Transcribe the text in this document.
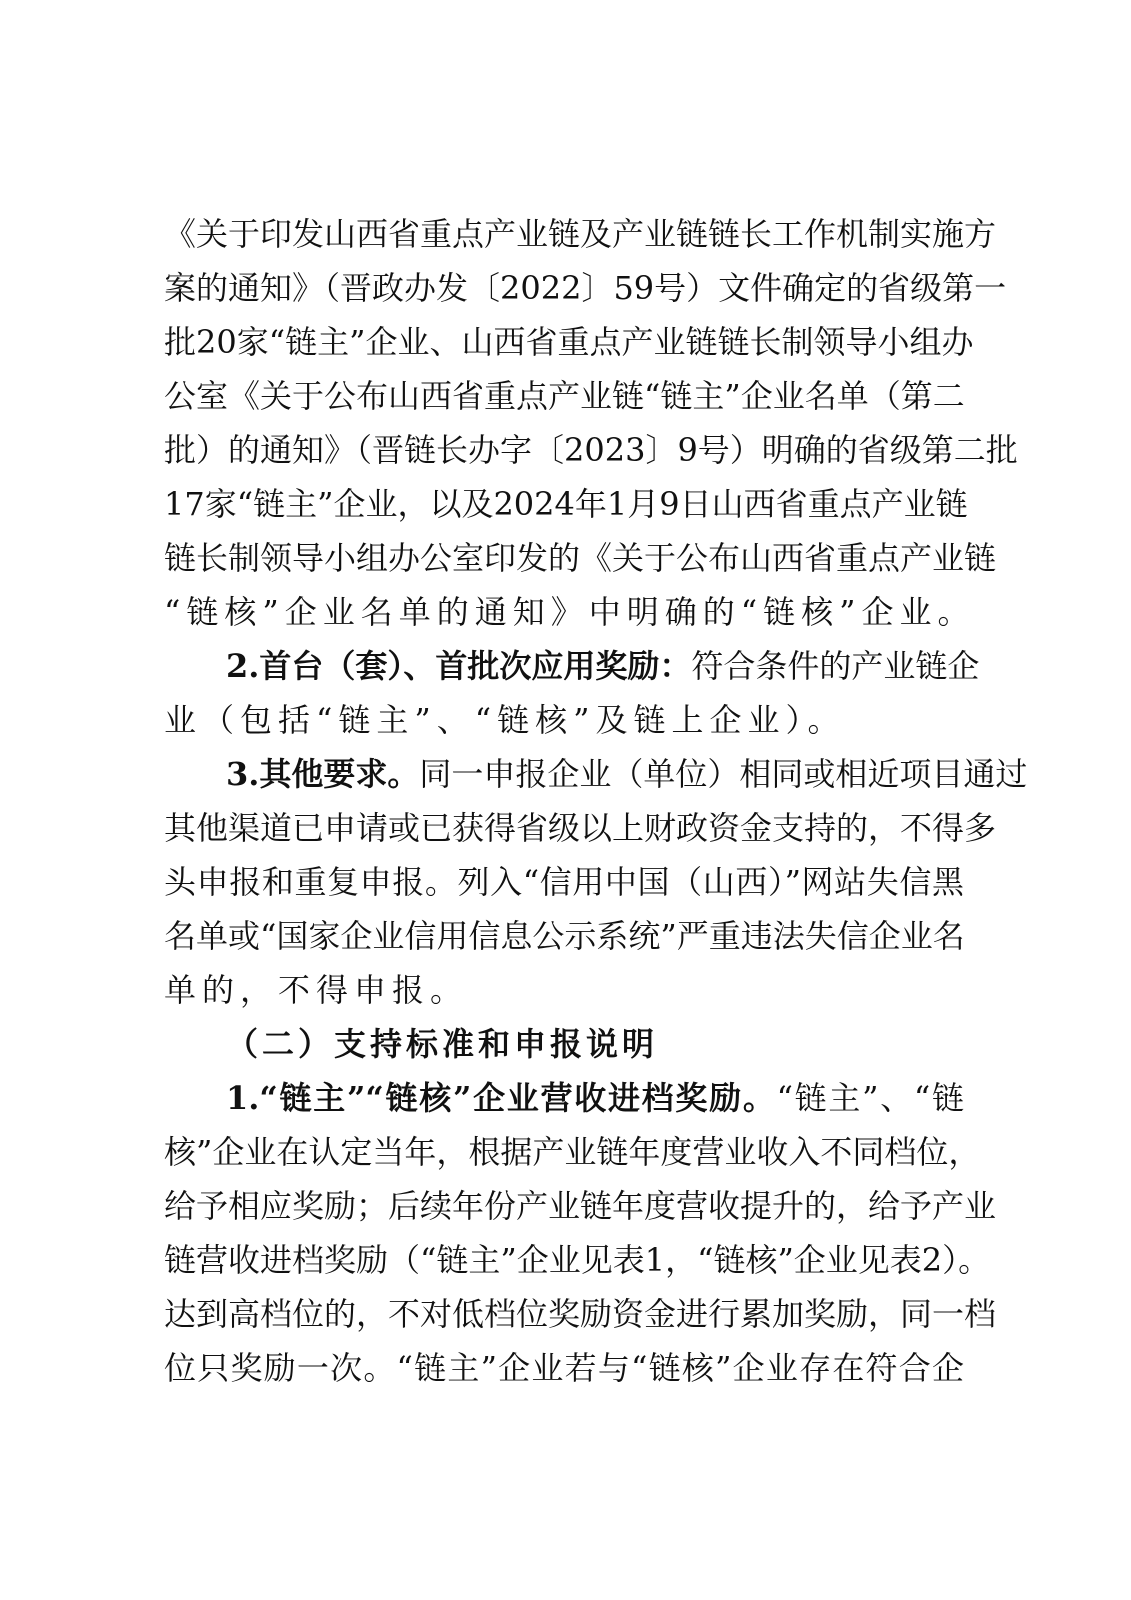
《关于印发山西省重点产业链及产业链链长工作机制实施方
案的通知》（晋政办发〔2022〕59号）文件确定的省级第一
批20家“链主”企业、山西省重点产业链链长制领导小组办
公室《关于公布山西省重点产业链“链主”企业名单（第二
批）的通知》（晋链长办字〔2023〕9号）明确的省级第二批
17家“链主”企业，以及2024年1月9日山西省重点产业链
链长制领导小组办公室印发的《关于公布山西省重点产业链
“链核”企业名单的通知》中明确的“链核”企业。
2.首台（套）、首批次应用奖励：符合条件的产业链企
业（包括“链主”、“链核”及链上企业）。
3.其他要求。同一申报企业（单位）相同或相近项目通过
其他渠道已申请或已获得省级以上财政资金支持的，不得多
头申报和重复申报。列入“信用中国（山西）”网站失信黑
名单或“国家企业信用信息公示系统”严重违法失信企业名
单的，不得申报。
（二）支持标准和申报说明
1.“链主”“链核”企业营收进档奖励。“链主”、“链
核”企业在认定当年，根据产业链年度营业收入不同档位，
给予相应奖励；后续年份产业链年度营收提升的，给予产业
链营收进档奖励（“链主”企业见表1，“链核”企业见表2）。
达到高档位的，不对低档位奖励资金进行累加奖励，同一档
位只奖励一次。“链主”企业若与“链核”企业存在符合企
